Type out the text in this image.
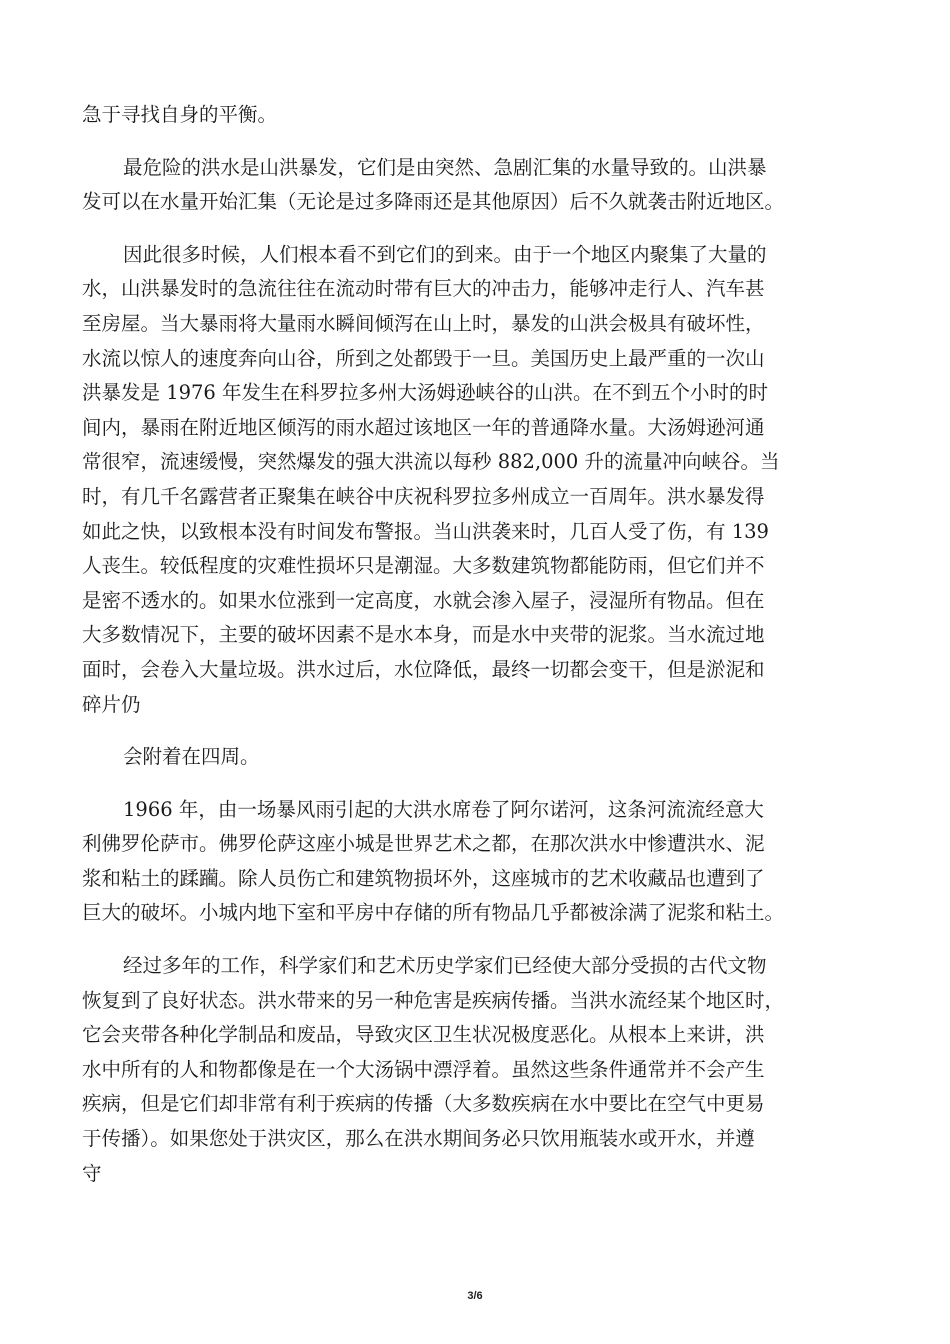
急于寻找自身的平衡。
最危险的洪水是山洪暴发，它们是由突然、急剧汇集的水量导致的。山洪暴
发可以在水量开始汇集（无论是过多降雨还是其他原因）后不久就袭击附近地区。
因此很多时候，人们根本看不到它们的到来。由于一个地区内聚集了大量的
水，山洪暴发时的急流往往在流动时带有巨大的冲击力，能够冲走行人、汽车甚
至房屋。当大暴雨将大量雨水瞬间倾泻在山上时，暴发的山洪会极具有破坏性，
水流以惊人的速度奔向山谷，所到之处都毁于一旦。美国历史上最严重的一次山
洪暴发是 1976 年发生在科罗拉多州大汤姆逊峡谷的山洪。在不到五个小时的时
间内，暴雨在附近地区倾泻的雨水超过该地区一年的普通降水量。大汤姆逊河通
常很窄，流速缓慢，突然爆发的强大洪流以每秒 882,000 升的流量冲向峡谷。当
时，有几千名露营者正聚集在峡谷中庆祝科罗拉多州成立一百周年。洪水暴发得
如此之快，以致根本没有时间发布警报。当山洪袭来时，几百人受了伤，有 139
人丧生。较低程度的灾难性损坏只是潮湿。大多数建筑物都能防雨，但它们并不
是密不透水的。如果水位涨到一定高度，水就会渗入屋子，浸湿所有物品。但在
大多数情况下，主要的破坏因素不是水本身，而是水中夹带的泥浆。当水流过地
面时，会卷入大量垃圾。洪水过后，水位降低，最终一切都会变干，但是淤泥和
碎片仍
会附着在四周。
1966 年，由一场暴风雨引起的大洪水席卷了阿尔诺河，这条河流流经意大
利佛罗伦萨市。佛罗伦萨这座小城是世界艺术之都，在那次洪水中惨遭洪水、泥
浆和粘土的蹂躏。除人员伤亡和建筑物损坏外，这座城市的艺术收藏品也遭到了
巨大的破坏。小城内地下室和平房中存储的所有物品几乎都被涂满了泥浆和粘土。
经过多年的工作，科学家们和艺术历史学家们已经使大部分受损的古代文物
恢复到了良好状态。洪水带来的另一种危害是疾病传播。当洪水流经某个地区时，
它会夹带各种化学制品和废品，导致灾区卫生状况极度恶化。从根本上来讲，洪
水中所有的人和物都像是在一个大汤锅中漂浮着。虽然这些条件通常并不会产生
疾病，但是它们却非常有利于疾病的传播（大多数疾病在水中要比在空气中更易
于传播）。如果您处于洪灾区，那么在洪水期间务必只饮用瓶装水或开水，并遵
守
3/6
